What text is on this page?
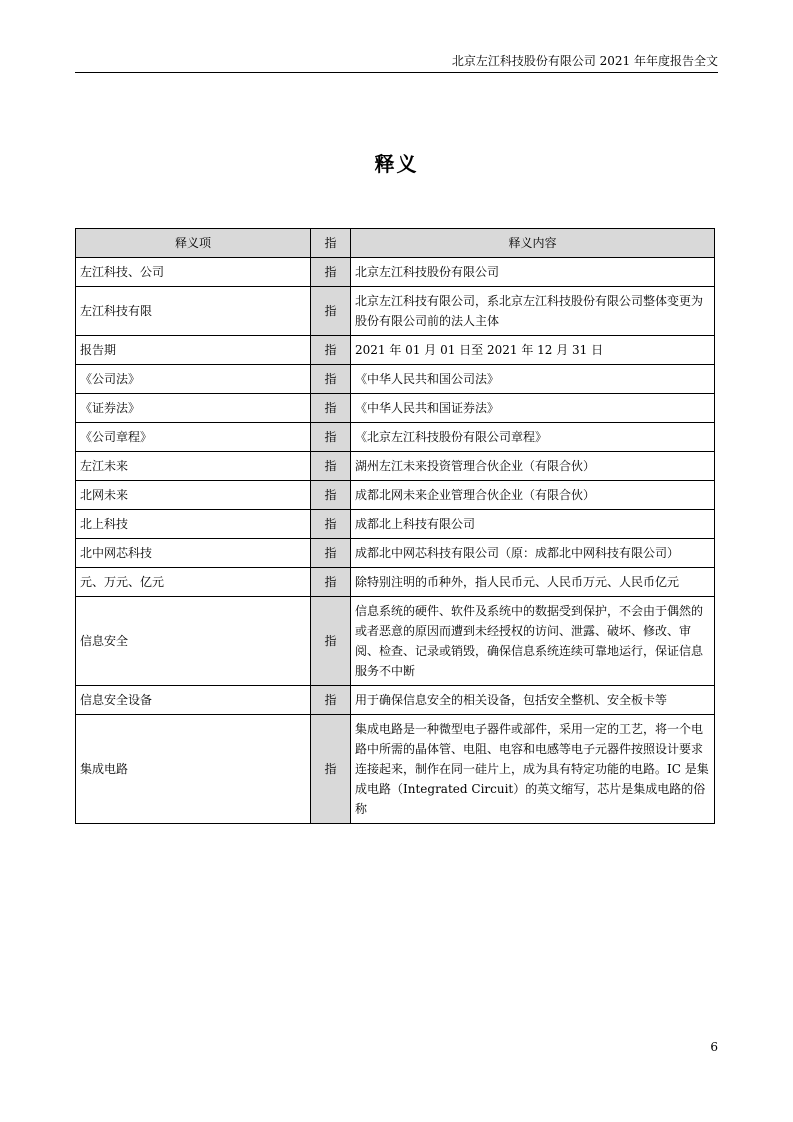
北京左江科技股份有限公司 2021 年年度报告全文
释义
释义项	指	释义内容
左江科技、公司	指	北京左江科技股份有限公司
左江科技有限	指	北京左江科技有限公司，系北京左江科技股份有限公司整体变更为股份有限公司前的法人主体
报告期	指	2021 年 01 月 01 日至 2021 年 12 月 31 日
《公司法》	指	《中华人民共和国公司法》
《证券法》	指	《中华人民共和国证券法》
《公司章程》	指	《北京左江科技股份有限公司章程》
左江未来	指	湖州左江未来投资管理合伙企业（有限合伙）
北网未来	指	成都北网未来企业管理合伙企业（有限合伙）
北上科技	指	成都北上科技有限公司
北中网芯科技	指	成都北中网芯科技有限公司（原：成都北中网科技有限公司）
元、万元、亿元	指	除特别注明的币种外，指人民币元、人民币万元、人民币亿元
信息安全	指	信息系统的硬件、软件及系统中的数据受到保护，不会由于偶然的或者恶意的原因而遭到未经授权的访问、泄露、破坏、修改、审阅、检查、记录或销毁，确保信息系统连续可靠地运行，保证信息服务不中断
信息安全设备	指	用于确保信息安全的相关设备，包括安全整机、安全板卡等
集成电路	指	集成电路是一种微型电子器件或部件，采用一定的工艺，将一个电路中所需的晶体管、电阻、电容和电感等电子元器件按照设计要求连接起来，制作在同一硅片上，成为具有特定功能的电路。IC 是集成电路（Integrated Circuit）的英文缩写，芯片是集成电路的俗称
6
